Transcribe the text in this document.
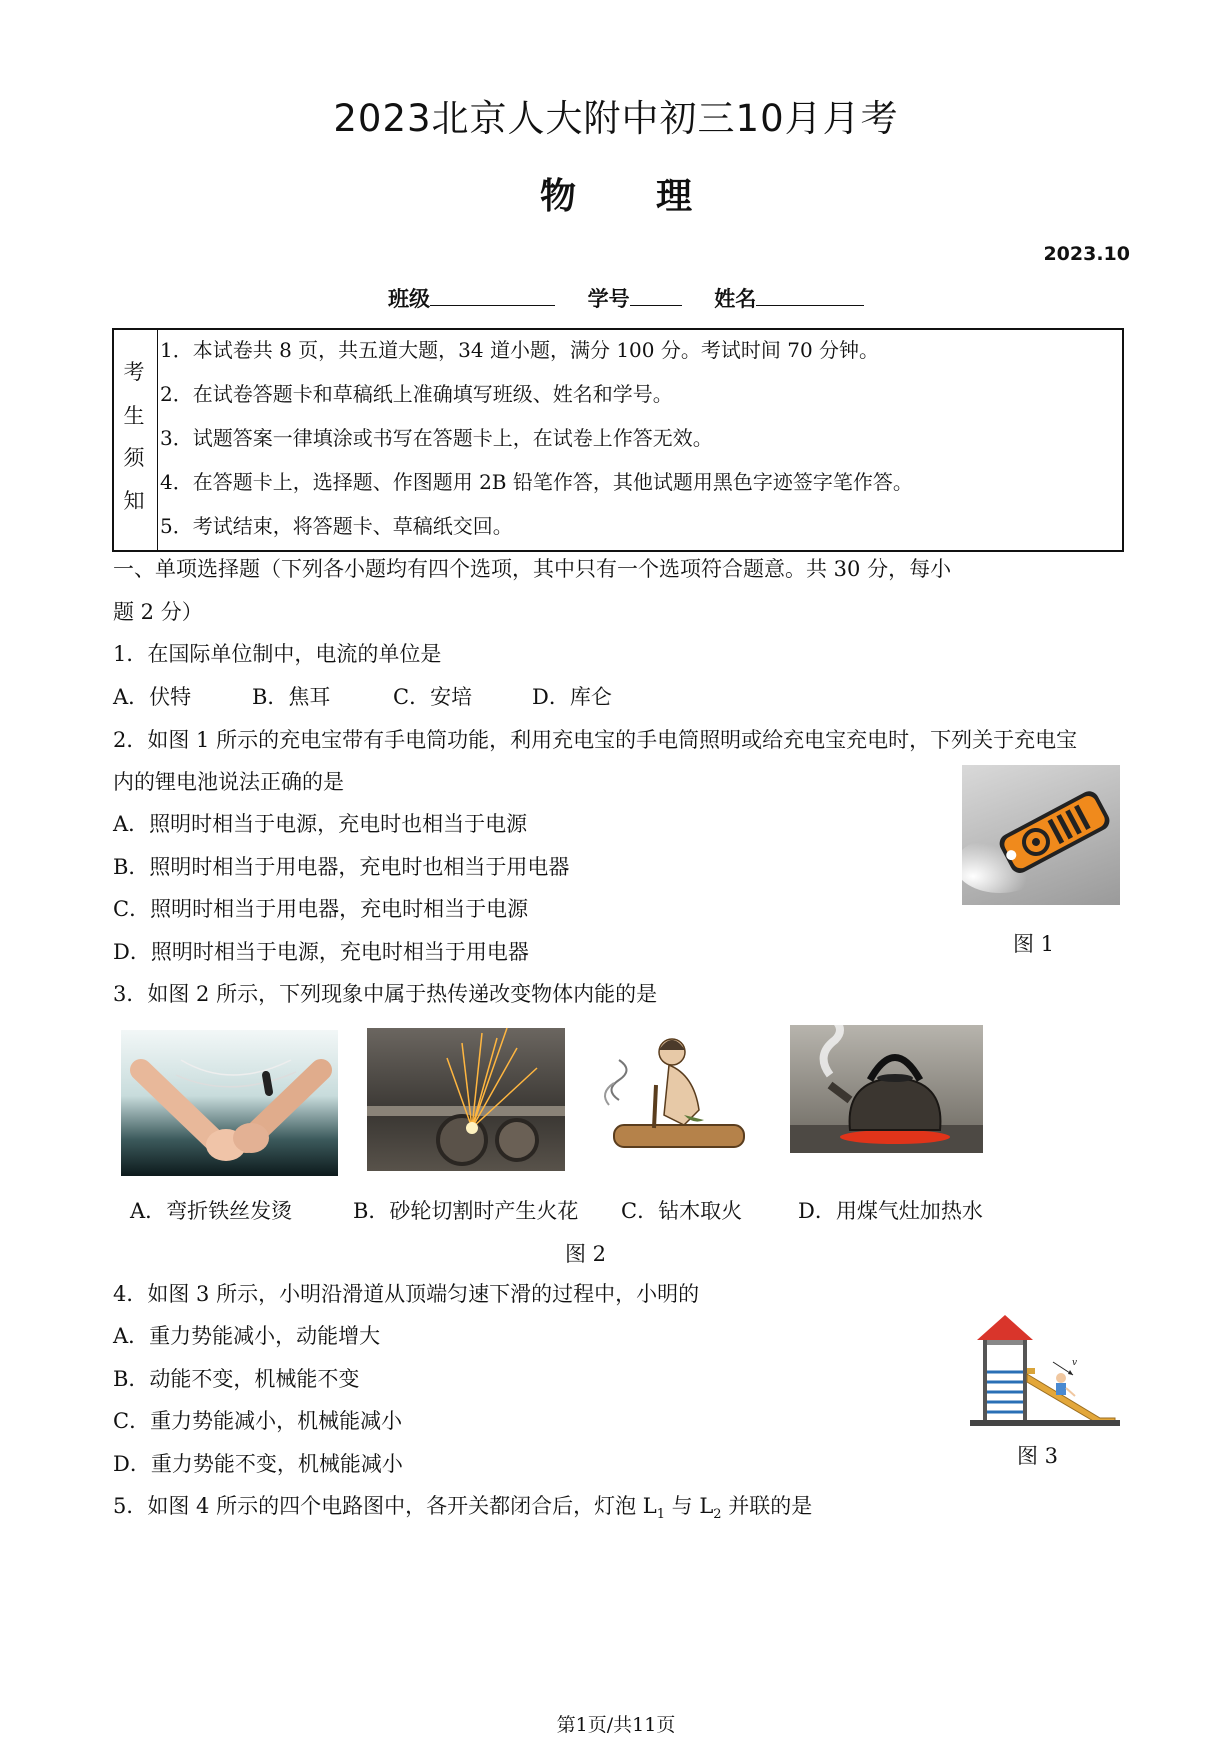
2023北京人大附中初三10月月考
物 理
2023.10
班级	学号	姓名
考
生
须
知
1．本试卷共 8 页，共五道大题，34 道小题，满分 100 分。考试时间 70 分钟。
2．在试卷答题卡和草稿纸上准确填写班级、姓名和学号。
3．试题答案一律填涂或书写在答题卡上，在试卷上作答无效。
4．在答题卡上，选择题、作图题用 2B 铅笔作答，其他试题用黑色字迹签字笔作答。
5．考试结束，将答题卡、草稿纸交回。
一、单项选择题（下列各小题均有四个选项，其中只有一个选项符合题意。共 30 分，每小
题 2 分）
1．在国际单位制中，电流的单位是
A．伏特	B．焦耳	C．安培	D．库仑
2．如图 1 所示的充电宝带有手电筒功能，利用充电宝的手电筒照明或给充电宝充电时，下列关于充电宝
内的锂电池说法正确的是
A．照明时相当于电源，充电时也相当于电源
B．照明时相当于用电器，充电时也相当于用电器
C．照明时相当于用电器，充电时相当于电源
D．照明时相当于电源，充电时相当于用电器	图 1
3．如图 2 所示，下列现象中属于热传递改变物体内能的是
A．弯折铁丝发烫	B．砂轮切割时产生火花 C．钻木取火	D．用煤气灶加热水
图 2
4．如图 3 所示，小明沿滑道从顶端匀速下滑的过程中，小明的
A．重力势能减小，动能增大
B．动能不变，机械能不变
C．重力势能减小，机械能减小
D．重力势能不变，机械能减小
v
图 3
5．如图 4 所示的四个电路图中，各开关都闭合后，灯泡 $L_1$ 与 $L_2$ 并联的是
第1页/共11页
